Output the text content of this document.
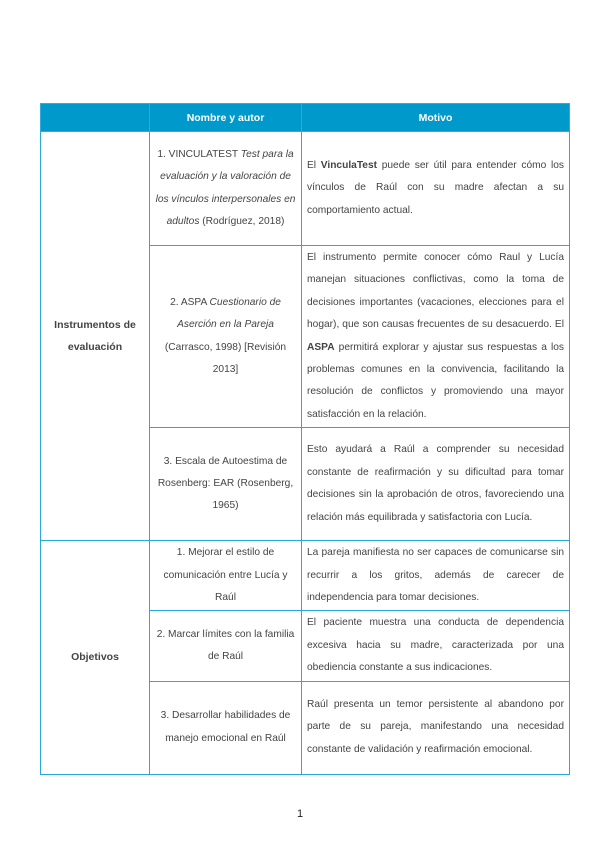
	Nombre y autor	Motivo
Instrumentos de evaluación	1. VINCULATEST Test para la evaluación y la valoración de los vínculos interpersonales en adultos (Rodríguez, 2018)	El VinculaTest puede ser útil para entender cómo los vínculos de Raúl con su madre afectan a su comportamiento actual.
	2. ASPA Cuestionario de Aserción en la Pareja (Carrasco, 1998) [Revisión 2013]	El instrumento permite conocer cómo Raul y Lucía manejan situaciones conflictivas, como la toma de decisiones importantes (vacaciones, elecciones para el hogar), que son causas frecuentes de su desacuerdo. El ASPA permitirá explorar y ajustar sus respuestas a los problemas comunes en la convivencia, facilitando la resolución de conflictos y promoviendo una mayor satisfacción en la relación.
	3. Escala de Autoestima de Rosenberg: EAR (Rosenberg, 1965)	Esto ayudará a Raúl a comprender su necesidad constante de reafirmación y su dificultad para tomar decisiones sin la aprobación de otros, favoreciendo una relación más equilibrada y satisfactoria con Lucía.
Objetivos	1. Mejorar el estilo de comunicación entre Lucía y Raúl	La pareja manifiesta no ser capaces de comunicarse sin recurrir a los gritos, además de carecer de independencia para tomar decisiones.
	2. Marcar límites con la familia de Raúl	El paciente muestra una conducta de dependencia excesiva hacia su madre, caracterizada por una obediencia constante a sus indicaciones.
	3. Desarrollar habilidades de manejo emocional en Raúl	Raúl presenta un temor persistente al abandono por parte de su pareja, manifestando una necesidad constante de validación y reafirmación emocional.
1
